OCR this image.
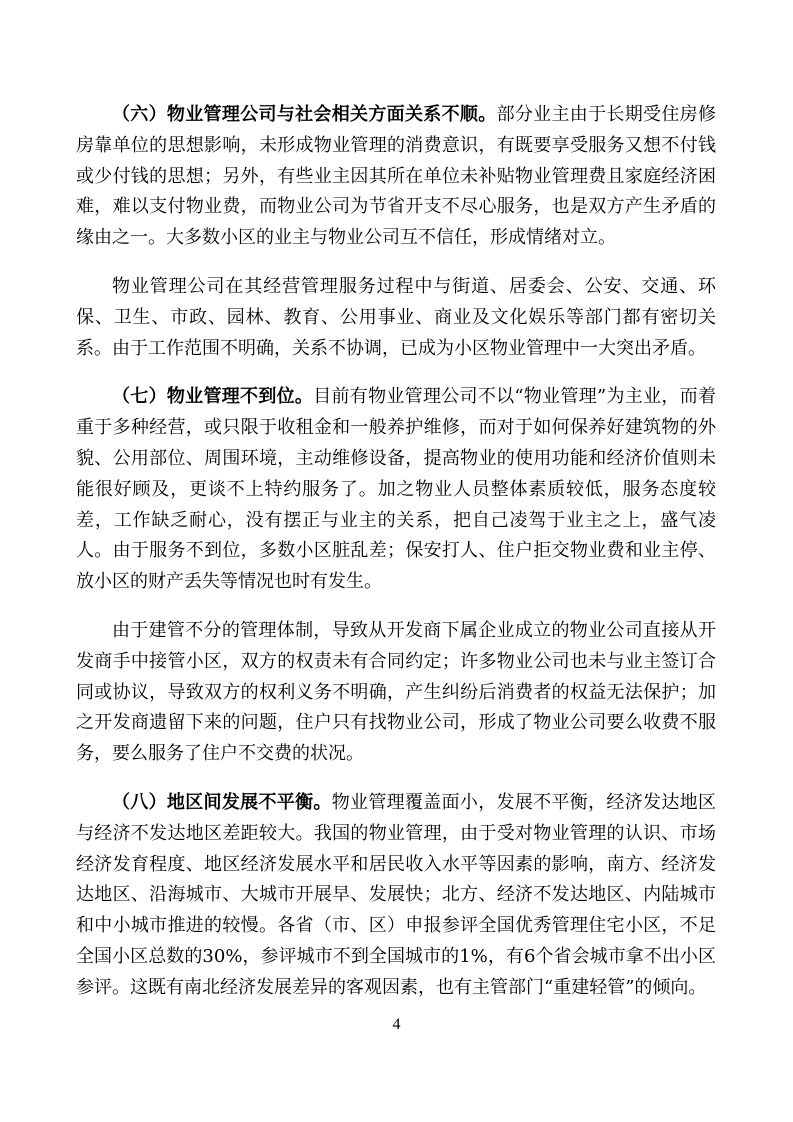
（六）物业管理公司与社会相关方面关系不顺。部分业主由于长期受住房修房靠单位的思想影响，未形成物业管理的消费意识，有既要享受服务又想不付钱或少付钱的思想；另外，有些业主因其所在单位未补贴物业管理费且家庭经济困难，难以支付物业费，而物业公司为节省开支不尽心服务，也是双方产生矛盾的缘由之一。大多数小区的业主与物业公司互不信任，形成情绪对立。

物业管理公司在其经营管理服务过程中与街道、居委会、公安、交通、环保、卫生、市政、园林、教育、公用事业、商业及文化娱乐等部门都有密切关系。由于工作范围不明确，关系不协调，已成为小区物业管理中一大突出矛盾。

（七）物业管理不到位。目前有物业管理公司不以“物业管理”为主业，而着重于多种经营，或只限于收租金和一般养护维修，而对于如何保养好建筑物的外貌、公用部位、周围环境，主动维修设备，提高物业的使用功能和经济价值则未能很好顾及，更谈不上特约服务了。加之物业人员整体素质较低，服务态度较差，工作缺乏耐心，没有摆正与业主的关系，把自己凌驾于业主之上，盛气凌人。由于服务不到位，多数小区脏乱差；保安打人、住户拒交物业费和业主停、放小区的财产丢失等情况也时有发生。

由于建管不分的管理体制，导致从开发商下属企业成立的物业公司直接从开发商手中接管小区，双方的权责未有合同约定；许多物业公司也未与业主签订合同或协议，导致双方的权利义务不明确，产生纠纷后消费者的权益无法保护；加之开发商遗留下来的问题，住户只有找物业公司，形成了物业公司要么收费不服务，要么服务了住户不交费的状况。

（八）地区间发展不平衡。物业管理覆盖面小，发展不平衡，经济发达地区与经济不发达地区差距较大。我国的物业管理，由于受对物业管理的认识、市场经济发育程度、地区经济发展水平和居民收入水平等因素的影响，南方、经济发达地区、沿海城市、大城市开展早、发展快；北方、经济不发达地区、内陆城市和中小城市推进的较慢。各省（市、区）申报参评全国优秀管理住宅小区，不足全国小区总数的30%，参评城市不到全国城市的1%，有6个省会城市拿不出小区参评。这既有南北经济发展差异的客观因素，也有主管部门“重建轻管”的倾向。

4
